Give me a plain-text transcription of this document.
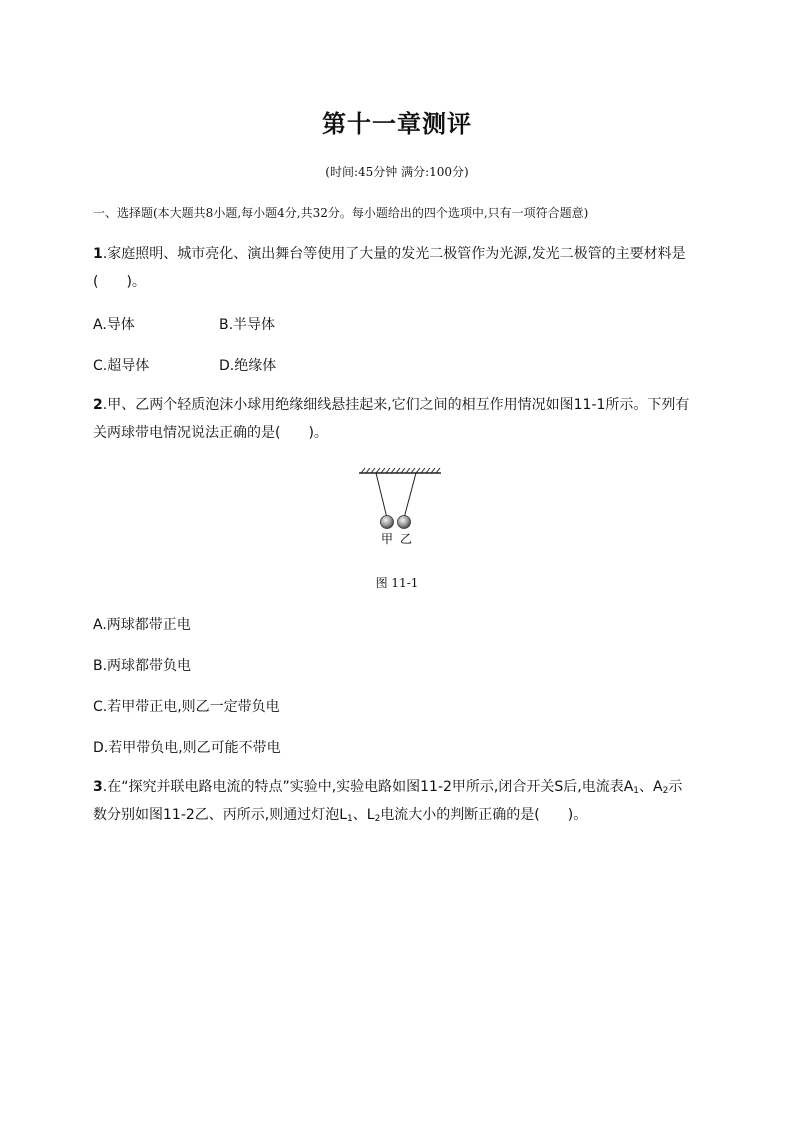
第十一章测评
(时间:45分钟 满分:100分)
一、选择题(本大题共8小题,每小题4分,共32分。每小题给出的四个选项中,只有一项符合题意)
1.家庭照明、城市亮化、演出舞台等使用了大量的发光二极管作为光源,发光二极管的主要材料是
(　　)。
A.导体	B.半导体
C.超导体	D.绝缘体
2.甲、乙两个轻质泡沫小球用绝缘细线悬挂起来,它们之间的相互作用情况如图11-1所示。下列有
关两球带电情况说法正确的是(　　)。
甲 乙
图 11-1
A.两球都带正电
B.两球都带负电
C.若甲带正电,则乙一定带负电
D.若甲带负电,则乙可能不带电
3.在“探究并联电路电流的特点”实验中,实验电路如图11-2甲所示,闭合开关S后,电流表$A_1$、$A_2$示
数分别如图11-2乙、丙所示,则通过灯泡$L_1$、$L_2$电流大小的判断正确的是(　　)。
